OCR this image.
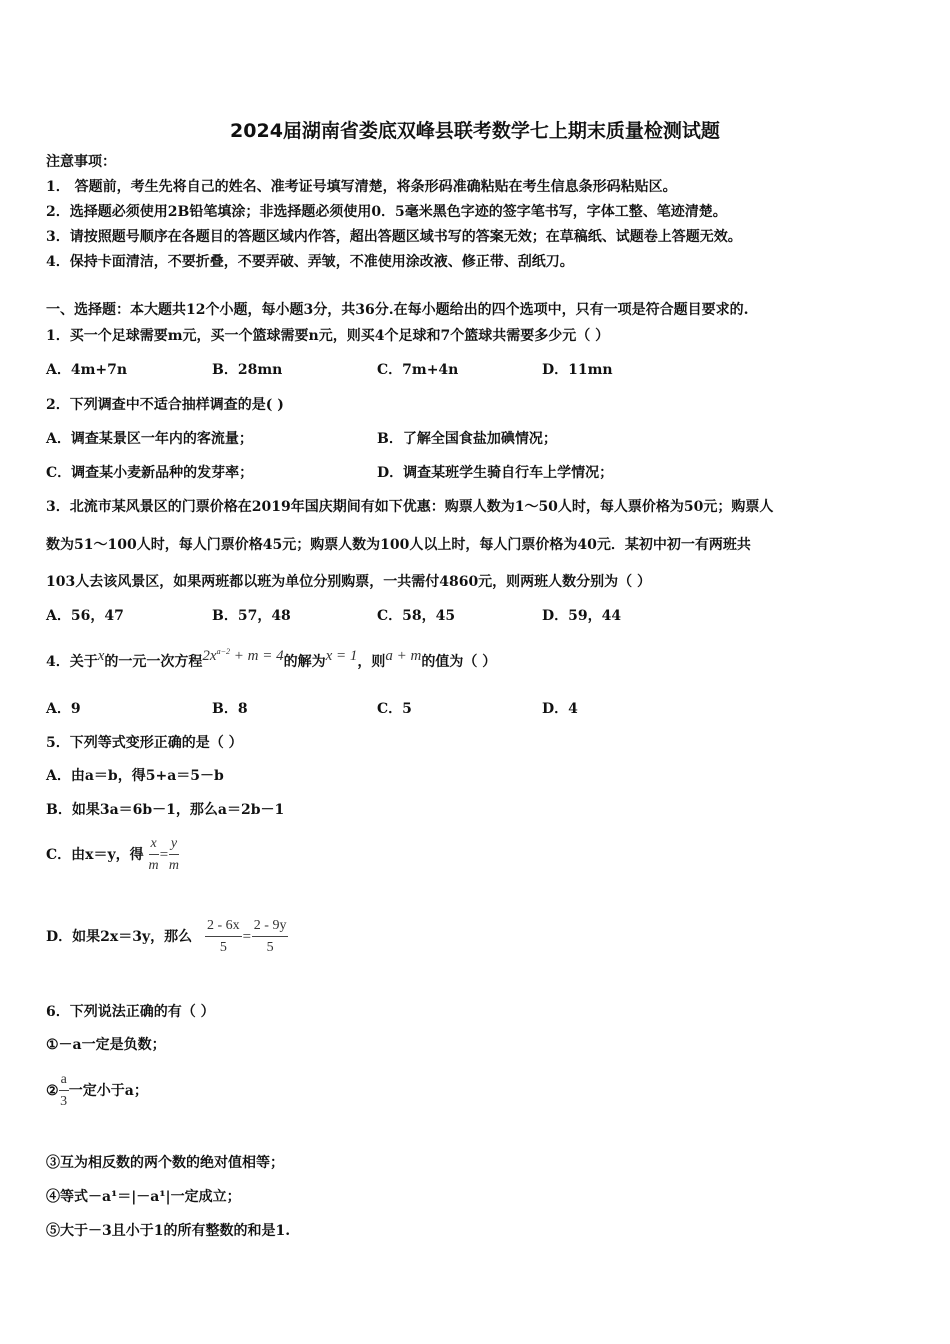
2024届湖南省娄底双峰县联考数学七上期末质量检测试题
注意事项：
1． 答题前，考生先将自己的姓名、准考证号填写清楚，将条形码准确粘贴在考生信息条形码粘贴区。
2．选择题必须使用2B铅笔填涂；非选择题必须使用0．5毫米黑色字迹的签字笔书写，字体工整、笔迹清楚。
3．请按照题号顺序在各题目的答题区域内作答，超出答题区域书写的答案无效；在草稿纸、试题卷上答题无效。
4．保持卡面清洁，不要折叠，不要弄破、弄皱，不准使用涂改液、修正带、刮纸刀。
一、选择题：本大题共12个小题，每小题3分，共36分.在每小题给出的四个选项中，只有一项是符合题目要求的.
1．买一个足球需要m元，买一个篮球需要n元，则买4个足球和7个篮球共需要多少元（ ）
A．4m+7n	B．28mn	C．7m+4n	D．11mn
2．下列调查中不适合抽样调查的是( )
A．调查某景区一年内的客流量；	B．了解全国食盐加碘情况；
C．调查某小麦新品种的发芽率；	D．调查某班学生骑自行车上学情况；
3．北流市某风景区的门票价格在2019年国庆期间有如下优惠：购票人数为1～50人时，每人票价格为50元；购票人
数为51～100人时，每人门票价格45元；购票人数为100人以上时，每人门票价格为40元．某初中初一有两班共
103人去该风景区，如果两班都以班为单位分别购票，一共需付4860元，则两班人数分别为（ ）
A．56，47	B．57，48	C．58，45	D．59，44
4．关于x的一元一次方程$2x^{a-2} + m = 4$的解为x = 1，则a + m的值为（ ）
A．9	B．8	C．5	D．4
5．下列等式变形正确的是（ ）
A．由a＝b，得5+a＝5－b
B．如果3a＝6b－1，那么a＝2b－1
C．由x＝y，得 $\frac{x}{m} = \frac{y}{m}$
D．如果2x＝3y，那么 $\frac{2 - 6x}{5} = \frac{2 - 9y}{5}$
6．下列说法正确的有（ ）
①－a一定是负数；
② $\frac{a}{3}$ 一定小于a；
③互为相反数的两个数的绝对值相等；
④等式－a¹＝|－a¹|一定成立；
⑤大于－3且小于1的所有整数的和是1.
